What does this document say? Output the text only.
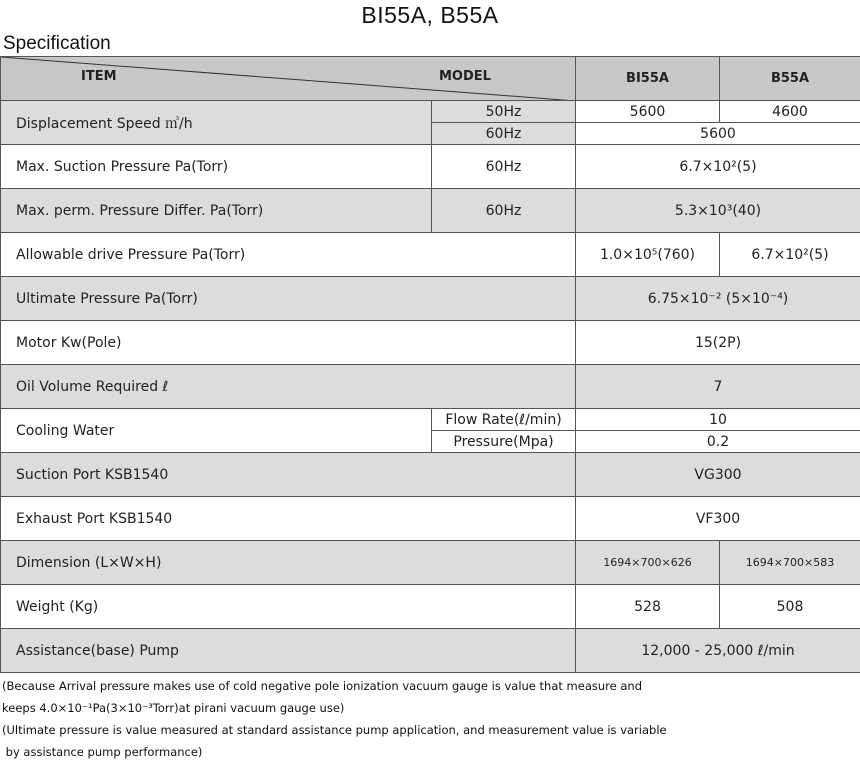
BI55A, B55A
Specification
ITEM MODEL		BI55A	B55A
Displacement Speed ㎥/h	50Hz	5600	4600
	60Hz	5600	
Max. Suction Pressure Pa(Torr)	60Hz	6.7×10²(5)	
Max. perm. Pressure Differ. Pa(Torr)	60Hz	5.3×10³(40)	
Allowable drive Pressure Pa(Torr)		1.0×10⁵(760)	6.7×10²(5)
Ultimate Pressure Pa(Torr)		6.75×10⁻² (5×10⁻⁴)	
Motor Kw(Pole)		15(2P)	
Oil Volume Required ℓ		7	
Cooling Water	Flow Rate(ℓ/min)	10	
	Pressure(Mpa)	0.2	
Suction Port KSB1540		VG300	
Exhaust Port KSB1540		VF300	
Dimension (L×W×H)		1694×700×626	1694×700×583
Weight (Kg)		528	508
Assistance(base) Pump		12,000 - 25,000 ℓ/min	
(Because Arrival pressure makes use of cold negative pole ionization vacuum gauge is value that measure and
keeps 4.0×10⁻¹Pa(3×10⁻³Torr)at pirani vacuum gauge use)
(Ultimate pressure is value measured at standard assistance pump application, and measurement value is variable
by assistance pump performance)
